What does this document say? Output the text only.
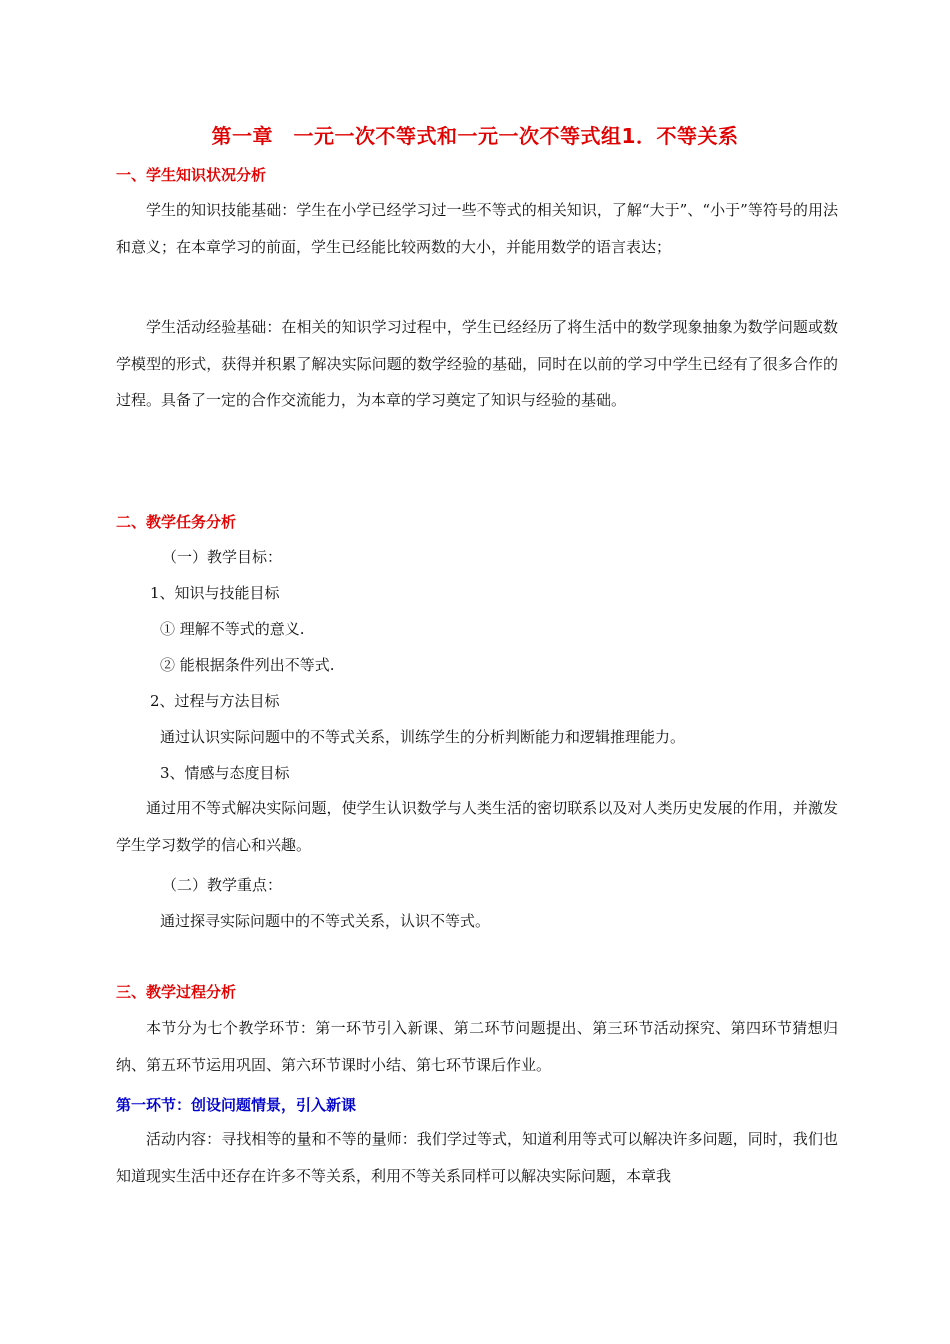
第一章　一元一次不等式和一元一次不等式组1．不等关系
一、学生知识状况分析

学生的知识技能基础：学生在小学已经学习过一些不等式的相关知识，了解“大于”、“小于”等符号的用法和意义；在本章学习的前面，学生已经能比较两数的大小，并能用数学的语言表达；

学生活动经验基础：在相关的知识学习过程中，学生已经经历了将生活中的数学现象抽象为数学问题或数学模型的形式，获得并积累了解决实际问题的数学经验的基础，同时在以前的学习中学生已经有了很多合作的过程。具备了一定的合作交流能力，为本章的学习奠定了知识与经验的基础。

二、教学任务分析
（一）教学目标：
1、知识与技能目标
① 理解不等式的意义.
② 能根据条件列出不等式.
2、过程与方法目标
通过认识实际问题中的不等式关系，训练学生的分析判断能力和逻辑推理能力。
3、情感与态度目标

通过用不等式解决实际问题，使学生认识数学与人类生活的密切联系以及对人类历史发展的作用，并激发学生学习数学的信心和兴趣。

（二）教学重点：
通过探寻实际问题中的不等式关系，认识不等式。
三、教学过程分析

本节分为七个教学环节：第一环节引入新课、第二环节问题提出、第三环节活动探究、第四环节猜想归纳、第五环节运用巩固、第六环节课时小结、第七环节课后作业。

第一环节：创设问题情景，引入新课

活动内容：寻找相等的量和不等的量师：我们学过等式，知道利用等式可以解决许多问题，同时，我们也知道现实生活中还存在许多不等关系，利用不等关系同样可以解决实际问题，本章我
